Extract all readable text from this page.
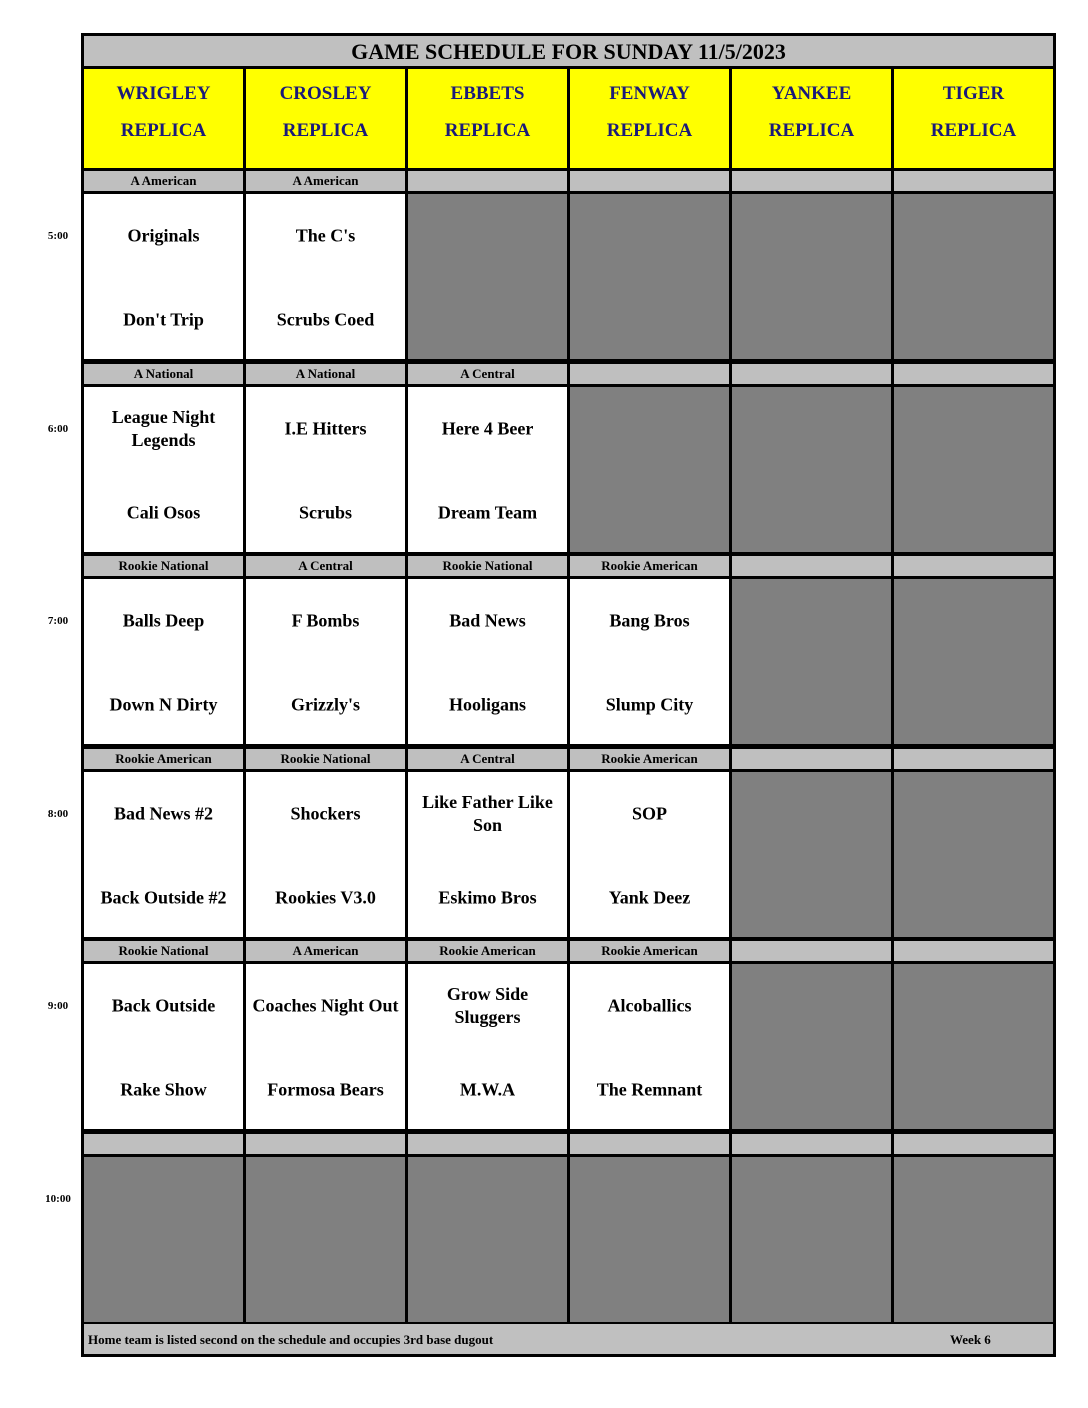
5:00
6:00
7:00
8:00
9:00
10:00
GAME SCHEDULE FOR SUNDAY 11/5/2023
WRIGLEY
REPLICA
CROSLEY
REPLICA
EBBETS
REPLICA
FENWAY
REPLICA
YANKEE
REPLICA
TIGER
REPLICA
A American
Originals
Don't Trip
A American
The C's
Scrubs Coed
A National
League Night Legends
Cali Osos
A National
I.E Hitters
Scrubs
A Central
Here 4 Beer
Dream Team
Rookie National
Balls Deep
Down N Dirty
A Central
F Bombs
Grizzly's
Rookie National
Bad News
Hooligans
Rookie American
Bang Bros
Slump City
Rookie American
Bad News #2
Back Outside #2
Rookie National
Shockers
Rookies V3.0
A Central
Like Father Like Son
Eskimo Bros
Rookie American
SOP
Yank Deez
Rookie National
Back Outside
Rake Show
A American
Coaches Night Out
Formosa Bears
Rookie American
Grow Side Sluggers
M.W.A
Rookie American
Alcoballics
The Remnant
Home team is listed second on the schedule and occupies 3rd base dugout	Week 6
